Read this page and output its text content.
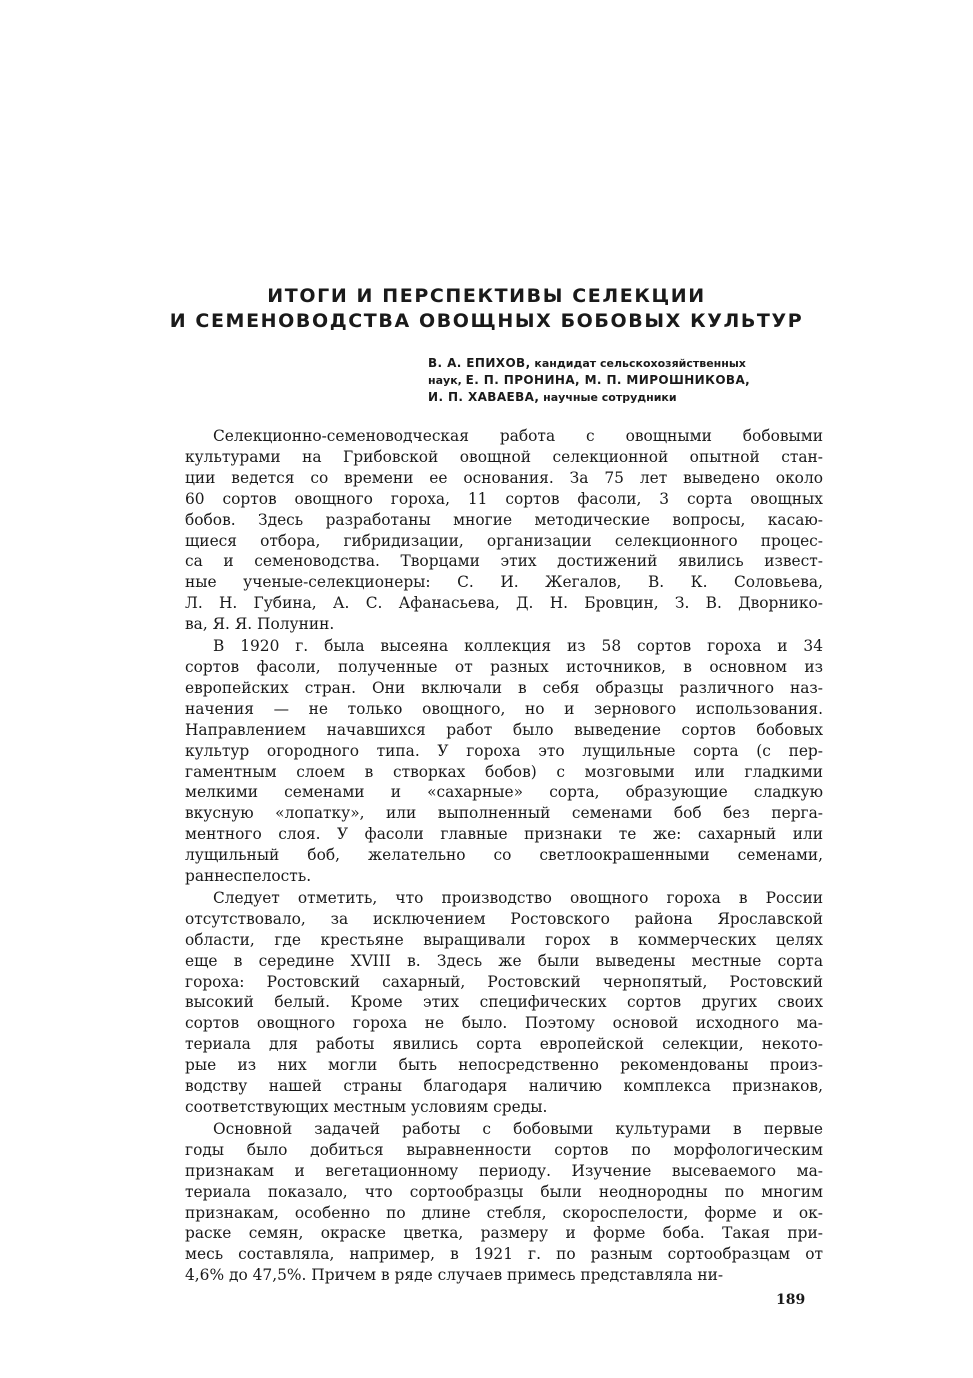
ИТОГИ И ПЕРСПЕКТИВЫ СЕЛЕКЦИИ
И СЕМЕНОВОДСТВА ОВОЩНЫХ БОБОВЫХ КУЛЬТУР
В. А. ЕПИХОВ, кандидат сельскохозяйственных
наук, Е. П. ПРОНИНА, М. П. МИРОШНИКОВА,
И. П. ХАВАЕВА, научные сотрудники
Селекционно-семеноводческая работа с овощными бобовыми
культурами на Грибовской овощной селекционной опытной стан-
ции ведется со времени ее основания. За 75 лет выведено около
60 сортов овощного гороха, 11 сортов фасоли, 3 сорта овощных
бобов. Здесь разработаны многие методические вопросы, касаю-
щиеся отбора, гибридизации, организации селекционного процес-
са и семеноводства. Творцами этих достижений явились извест-
ные ученые-селекционеры: С. И. Жегалов, В. К. Соловьева,
Л. Н. Губина, А. С. Афанасьева, Д. Н. Бровцин, З. В. Дворнико-
ва, Я. Я. Полунин.
В 1920 г. была высеяна коллекция из 58 сортов гороха и 34
сортов фасоли, полученные от разных источников, в основном из
европейских стран. Они включали в себя образцы различного наз-
начения — не только овощного, но и зернового использования.
Направлением начавшихся работ было выведение сортов бобовых
культур огородного типа. У гороха это лущильные сорта (с пер-
гаментным слоем в створках бобов) с мозговыми или гладкими
мелкими семенами и «сахарные» сорта, образующие сладкую
вкусную «лопатку», или выполненный семенами боб без перга-
ментного слоя. У фасоли главные признаки те же: сахарный или
лущильный боб, желательно со светлоокрашенными семенами,
раннеспелость.
Следует отметить, что производство овощного гороха в России
отсутствовало, за исключением Ростовского района Ярославской
области, где крестьяне выращивали горох в коммерческих целях
еще в середине XVIII в. Здесь же были выведены местные сорта
гороха: Ростовский сахарный, Ростовский чернопятый, Ростовский
высокий белый. Кроме этих специфических сортов других своих
сортов овощного гороха не было. Поэтому основой исходного ма-
териала для работы явились сорта европейской селекции, некото-
рые из них могли быть непосредственно рекомендованы произ-
водству нашей страны благодаря наличию комплекса признаков,
соответствующих местным условиям среды.
Основной задачей работы с бобовыми культурами в первые
годы было добиться выравненности сортов по морфологическим
признакам и вегетационному периоду. Изучение высеваемого ма-
териала показало, что сортообразцы были неоднородны по многим
признакам, особенно по длине стебля, скороспелости, форме и ок-
раске семян, окраске цветка, размеру и форме боба. Такая при-
месь составляла, например, в 1921 г. по разным сортообразцам от
4,6% до 47,5%. Причем в ряде случаев примесь представляла ни-
189
